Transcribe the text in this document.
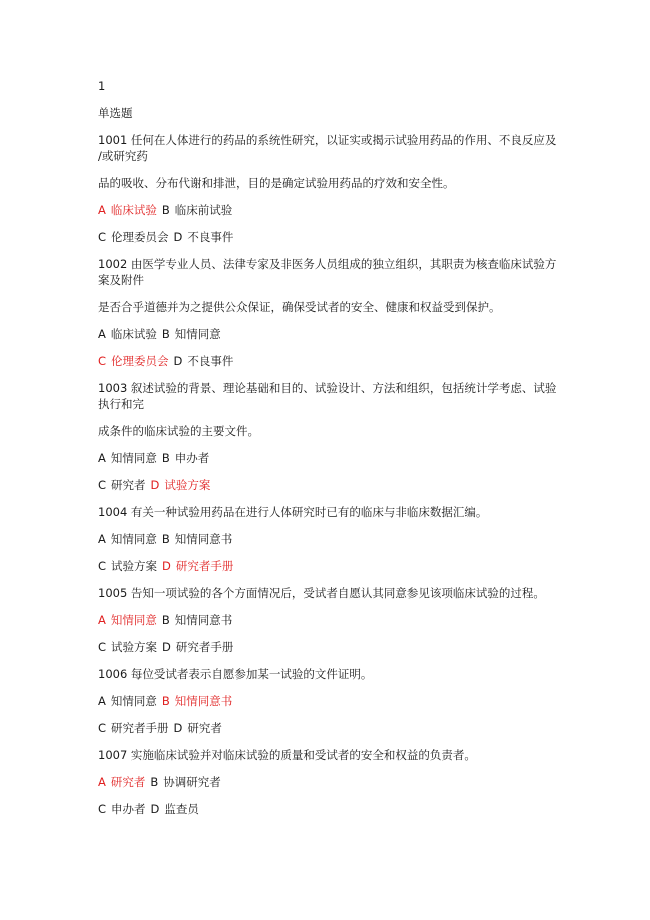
1
单选题
1001 任何在人体进行的药品的系统性研究，以证实或揭示试验用药品的作用、不良反应及 /或研究药
品的吸收、分布代谢和排泄，目的是确定试验用药品的疗效和安全性。
A 临床试验 B 临床前试验
C 伦理委员会 D 不良事件
1002 由医学专业人员、法律专家及非医务人员组成的独立组织，其职责为核查临床试验方案及附件
是否合乎道德并为之提供公众保证，确保受试者的安全、健康和权益受到保护。
A 临床试验 B 知情同意
C 伦理委员会 D 不良事件
1003 叙述试验的背景、理论基础和目的、试验设计、方法和组织，包括统计学考虑、试验执行和完
成条件的临床试验的主要文件。
A 知情同意 B 申办者
C 研究者 D 试验方案
1004 有关一种试验用药品在进行人体研究时已有的临床与非临床数据汇编。
A 知情同意 B 知情同意书
C 试验方案 D 研究者手册
1005 告知一项试验的各个方面情况后，受试者自愿认其同意参见该项临床试验的过程。
A 知情同意 B 知情同意书
C 试验方案 D 研究者手册
1006 每位受试者表示自愿参加某一试验的文件证明。
A 知情同意 B 知情同意书
C 研究者手册 D 研究者
1007 实施临床试验并对临床试验的质量和受试者的安全和权益的负责者。
A 研究者 B 协调研究者
C 申办者 D 监查员
